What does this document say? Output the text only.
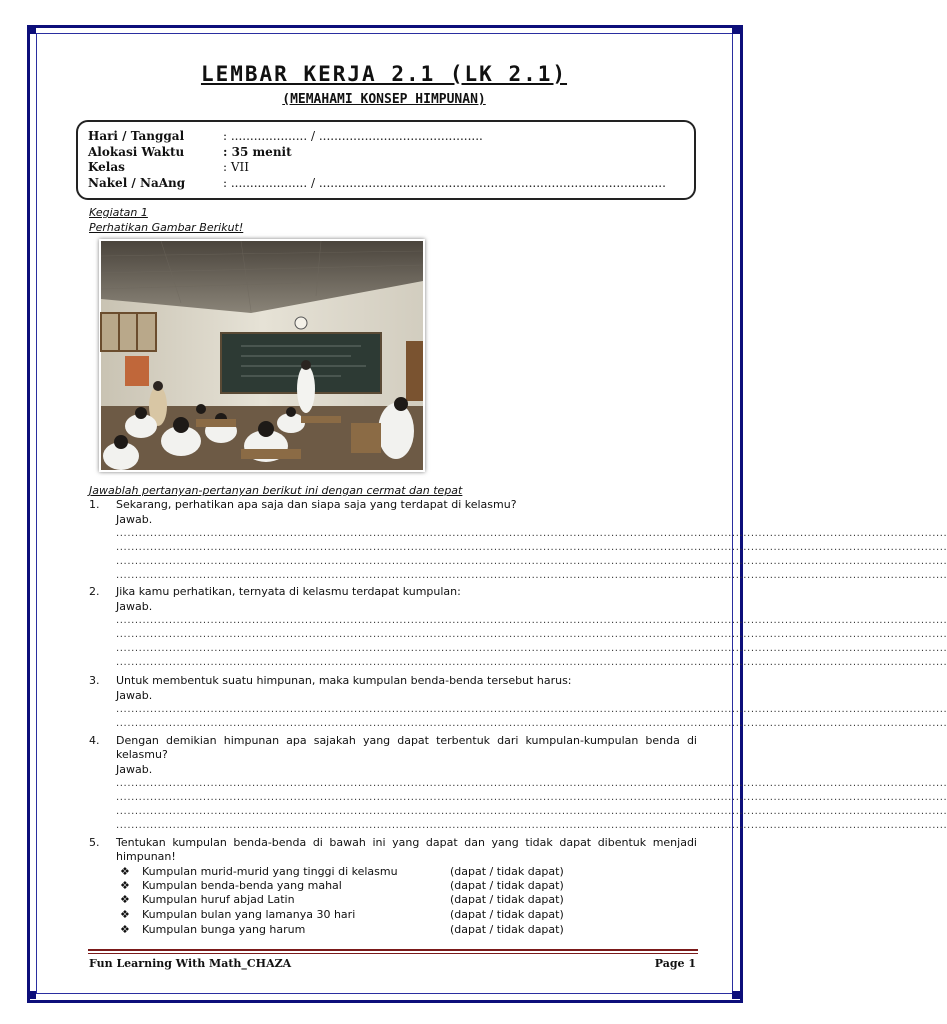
LEMBAR KERJA 2.1 (LK 2.1)
(MEMAHAMI KONSEP HIMPUNAN)
Hari / Tanggal	: .................... / ...........................................
Alokasi Waktu	: 35 menit
Kelas	: VII
Nakel / NaAng	: .................... / ...........................................................................................
Kegiatan 1
Perhatikan Gambar Berikut!
Jawablah pertanyan-pertanyan berikut ini dengan cermat dan tepat
1. Sekarang, perhatikan apa saja dan siapa saja yang terdapat di kelasmu?
Jawab.
............................................................................................................................................................................................................................
............................................................................................................................................................................................................................
............................................................................................................................................................................................................................
............................................................................................................................................................................................................................
2. Jika kamu perhatikan, ternyata di kelasmu terdapat kumpulan:
Jawab.
............................................................................................................................................................................................................................
............................................................................................................................................................................................................................
............................................................................................................................................................................................................................
............................................................................................................................................................................................................................
3. Untuk membentuk suatu himpunan, maka kumpulan benda-benda tersebut harus:
Jawab.
............................................................................................................................................................................................................................
............................................................................................................................................................................................................................
4. Dengan demikian himpunan apa sajakah yang dapat terbentuk dari kumpulan-kumpulan benda di kelasmu?
Jawab.
............................................................................................................................................................................................................................
............................................................................................................................................................................................................................
............................................................................................................................................................................................................................
............................................................................................................................................................................................................................
5. Tentukan kumpulan benda-benda di bawah ini yang dapat dan yang tidak dapat dibentuk menjadi himpunan!
❖ Kumpulan murid-murid yang tinggi di kelasmu	(dapat / tidak dapat)
❖ Kumpulan benda-benda yang mahal	(dapat / tidak dapat)
❖ Kumpulan huruf abjad Latin	(dapat / tidak dapat)
❖ Kumpulan bulan yang lamanya 30 hari	(dapat / tidak dapat)
❖ Kumpulan bunga yang harum	(dapat / tidak dapat)
Fun Learning With Math_CHAZA	Page 1
